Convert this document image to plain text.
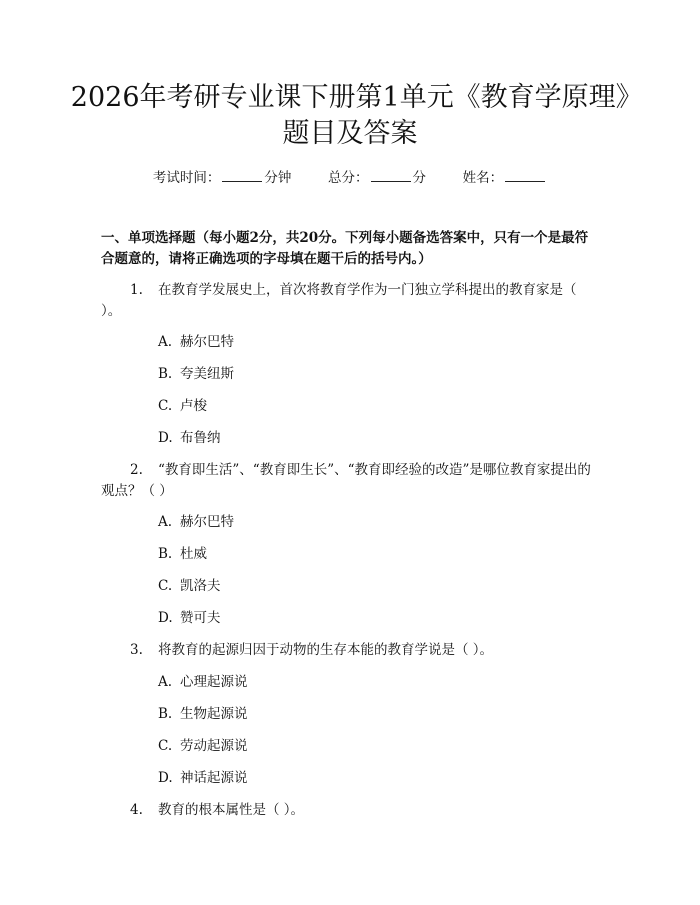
2026年考研专业课下册第1单元《教育学原理》题目及答案
考试时间：	分钟	总分：	分	姓名：

一、单项选择题（每小题2分，共20分。下列每小题备选答案中，只有一个是最符合题意的，请将正确选项的字母填在题干后的括号内。）

1. 在教育学发展史上，首次将教育学作为一门独立学科提出的教育家是（ ）。

A. 赫尔巴特

B. 夸美纽斯

C. 卢梭

D. 布鲁纳

2. “教育即生活”、“教育即生长”、“教育即经验的改造”是哪位教育家提出的观点？（ ）

A. 赫尔巴特

B. 杜威

C. 凯洛夫

D. 赞可夫

3. 将教育的起源归因于动物的生存本能的教育学说是（ ）。

A. 心理起源说

B. 生物起源说

C. 劳动起源说

D. 神话起源说

4. 教育的根本属性是（ ）。
